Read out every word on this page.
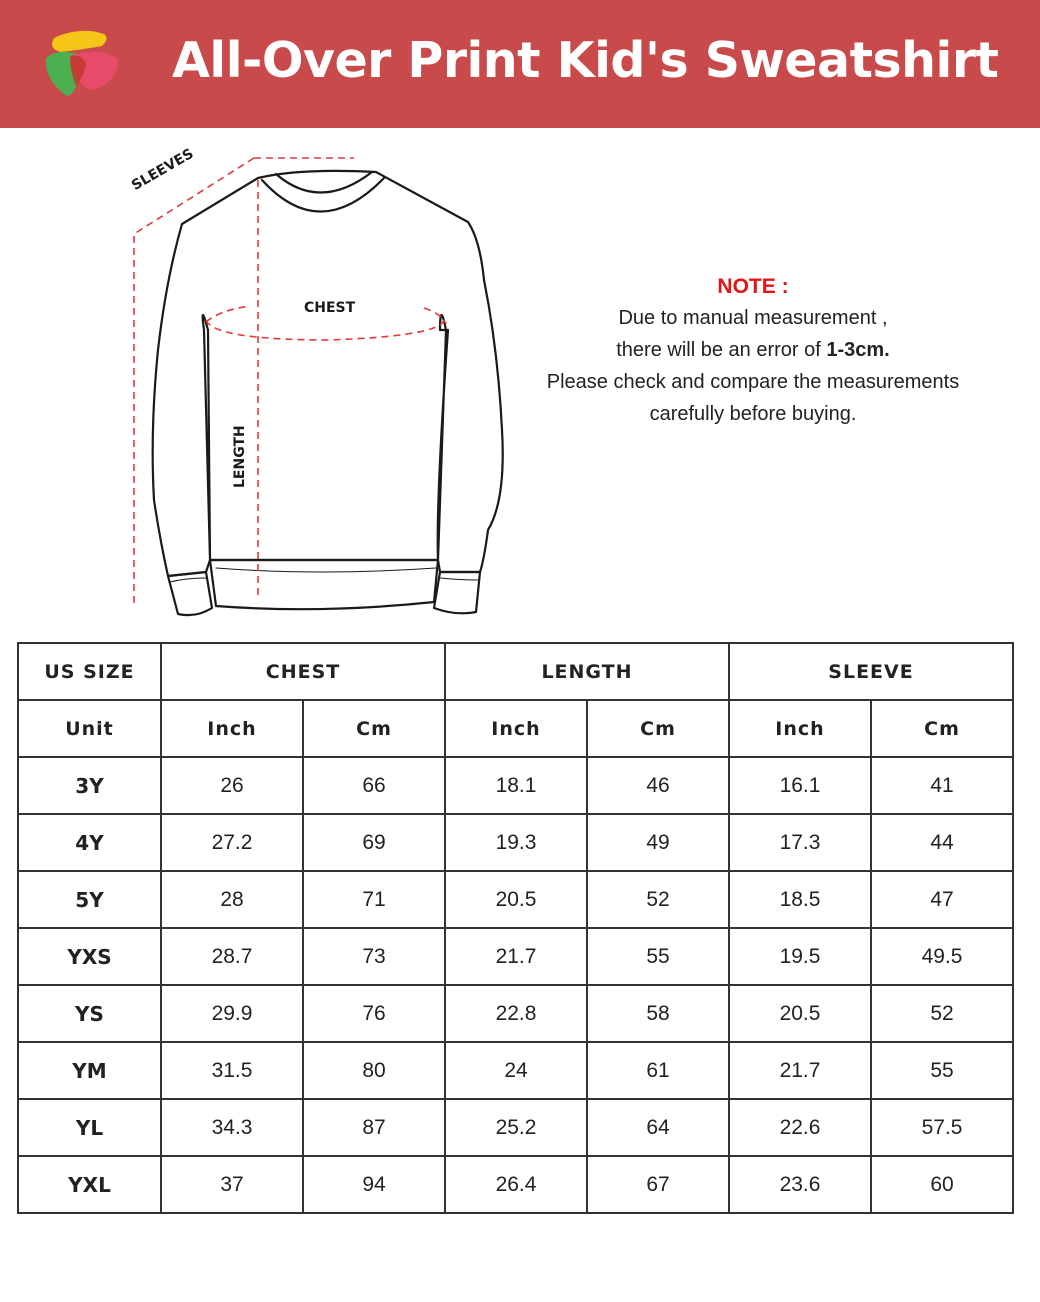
All-Over Print Kid's Sweatshirt
SLEEVES
CHEST
LENGTH
NOTE :
Due to manual measurement ,
there will be an error of 1-3cm.
Please check and compare the measurements
carefully before buying.
US SIZE	CHEST		LENGTH		SLEEVE	
Unit	Inch	Cm	Inch	Cm	Inch	Cm
3Y	26	66	18.1	46	16.1	41
4Y	27.2	69	19.3	49	17.3	44
5Y	28	71	20.5	52	18.5	47
YXS	28.7	73	21.7	55	19.5	49.5
YS	29.9	76	22.8	58	20.5	52
YM	31.5	80	24	61	21.7	55
YL	34.3	87	25.2	64	22.6	57.5
YXL	37	94	26.4	67	23.6	60
